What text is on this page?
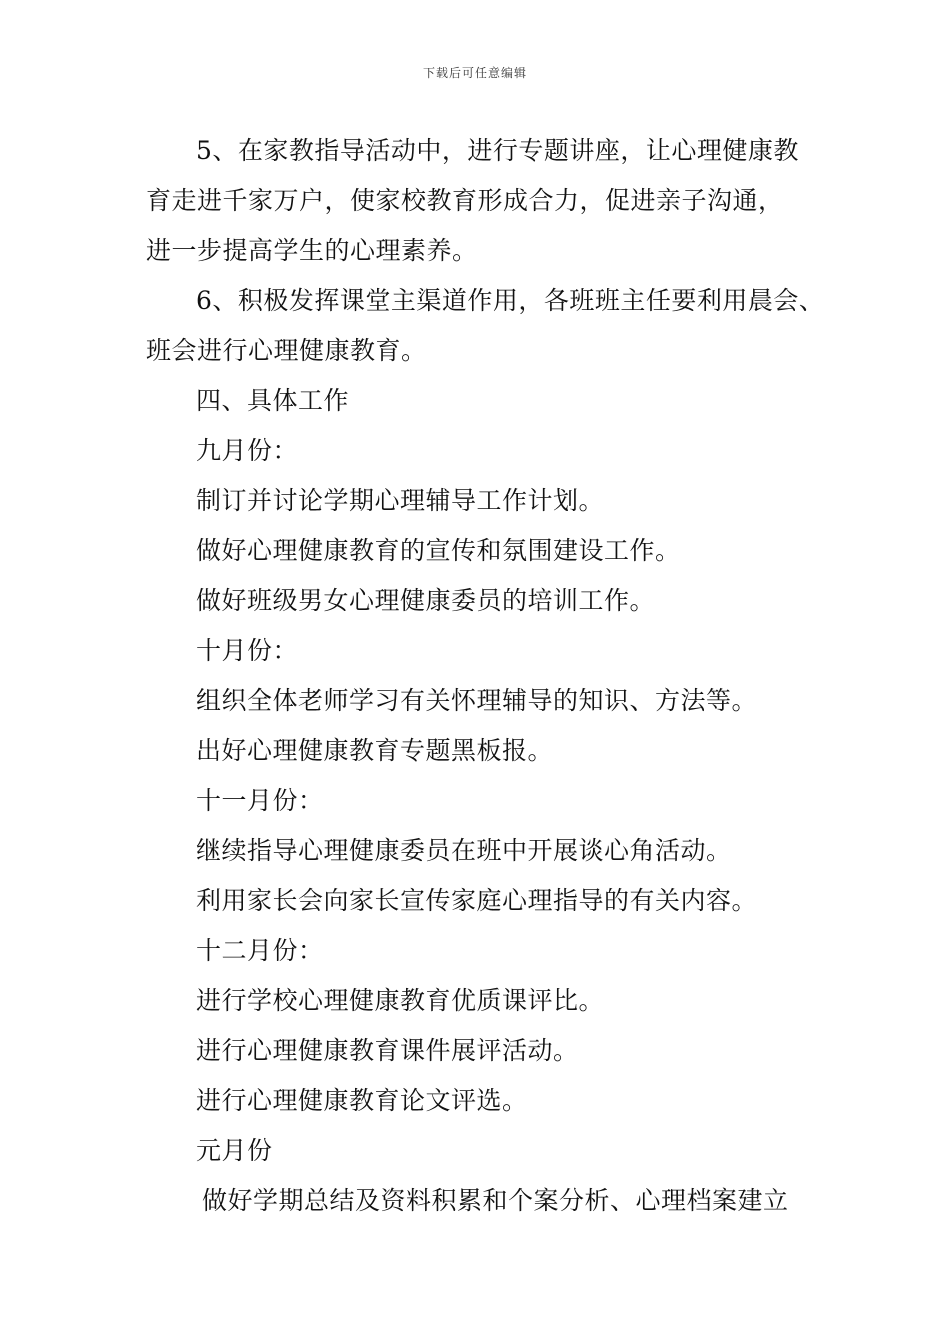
下载后可任意编辑
5、在家教指导活动中，进行专题讲座，让心理健康教
育走进千家万户，使家校教育形成合力，促进亲子沟通，
进一步提高学生的心理素养。
6、积极发挥课堂主渠道作用，各班班主任要利用晨会、
班会进行心理健康教育。
四、具体工作
九月份：
制订并讨论学期心理辅导工作计划。
做好心理健康教育的宣传和氛围建设工作。
做好班级男女心理健康委员的培训工作。
十月份：
组织全体老师学习有关怀理辅导的知识、方法等。
出好心理健康教育专题黑板报。
十一月份：
继续指导心理健康委员在班中开展谈心角活动。
利用家长会向家长宣传家庭心理指导的有关内容。
十二月份：
进行学校心理健康教育优质课评比。
进行心理健康教育课件展评活动。
进行心理健康教育论文评选。
元月份
做好学期总结及资料积累和个案分析、心理档案建立
